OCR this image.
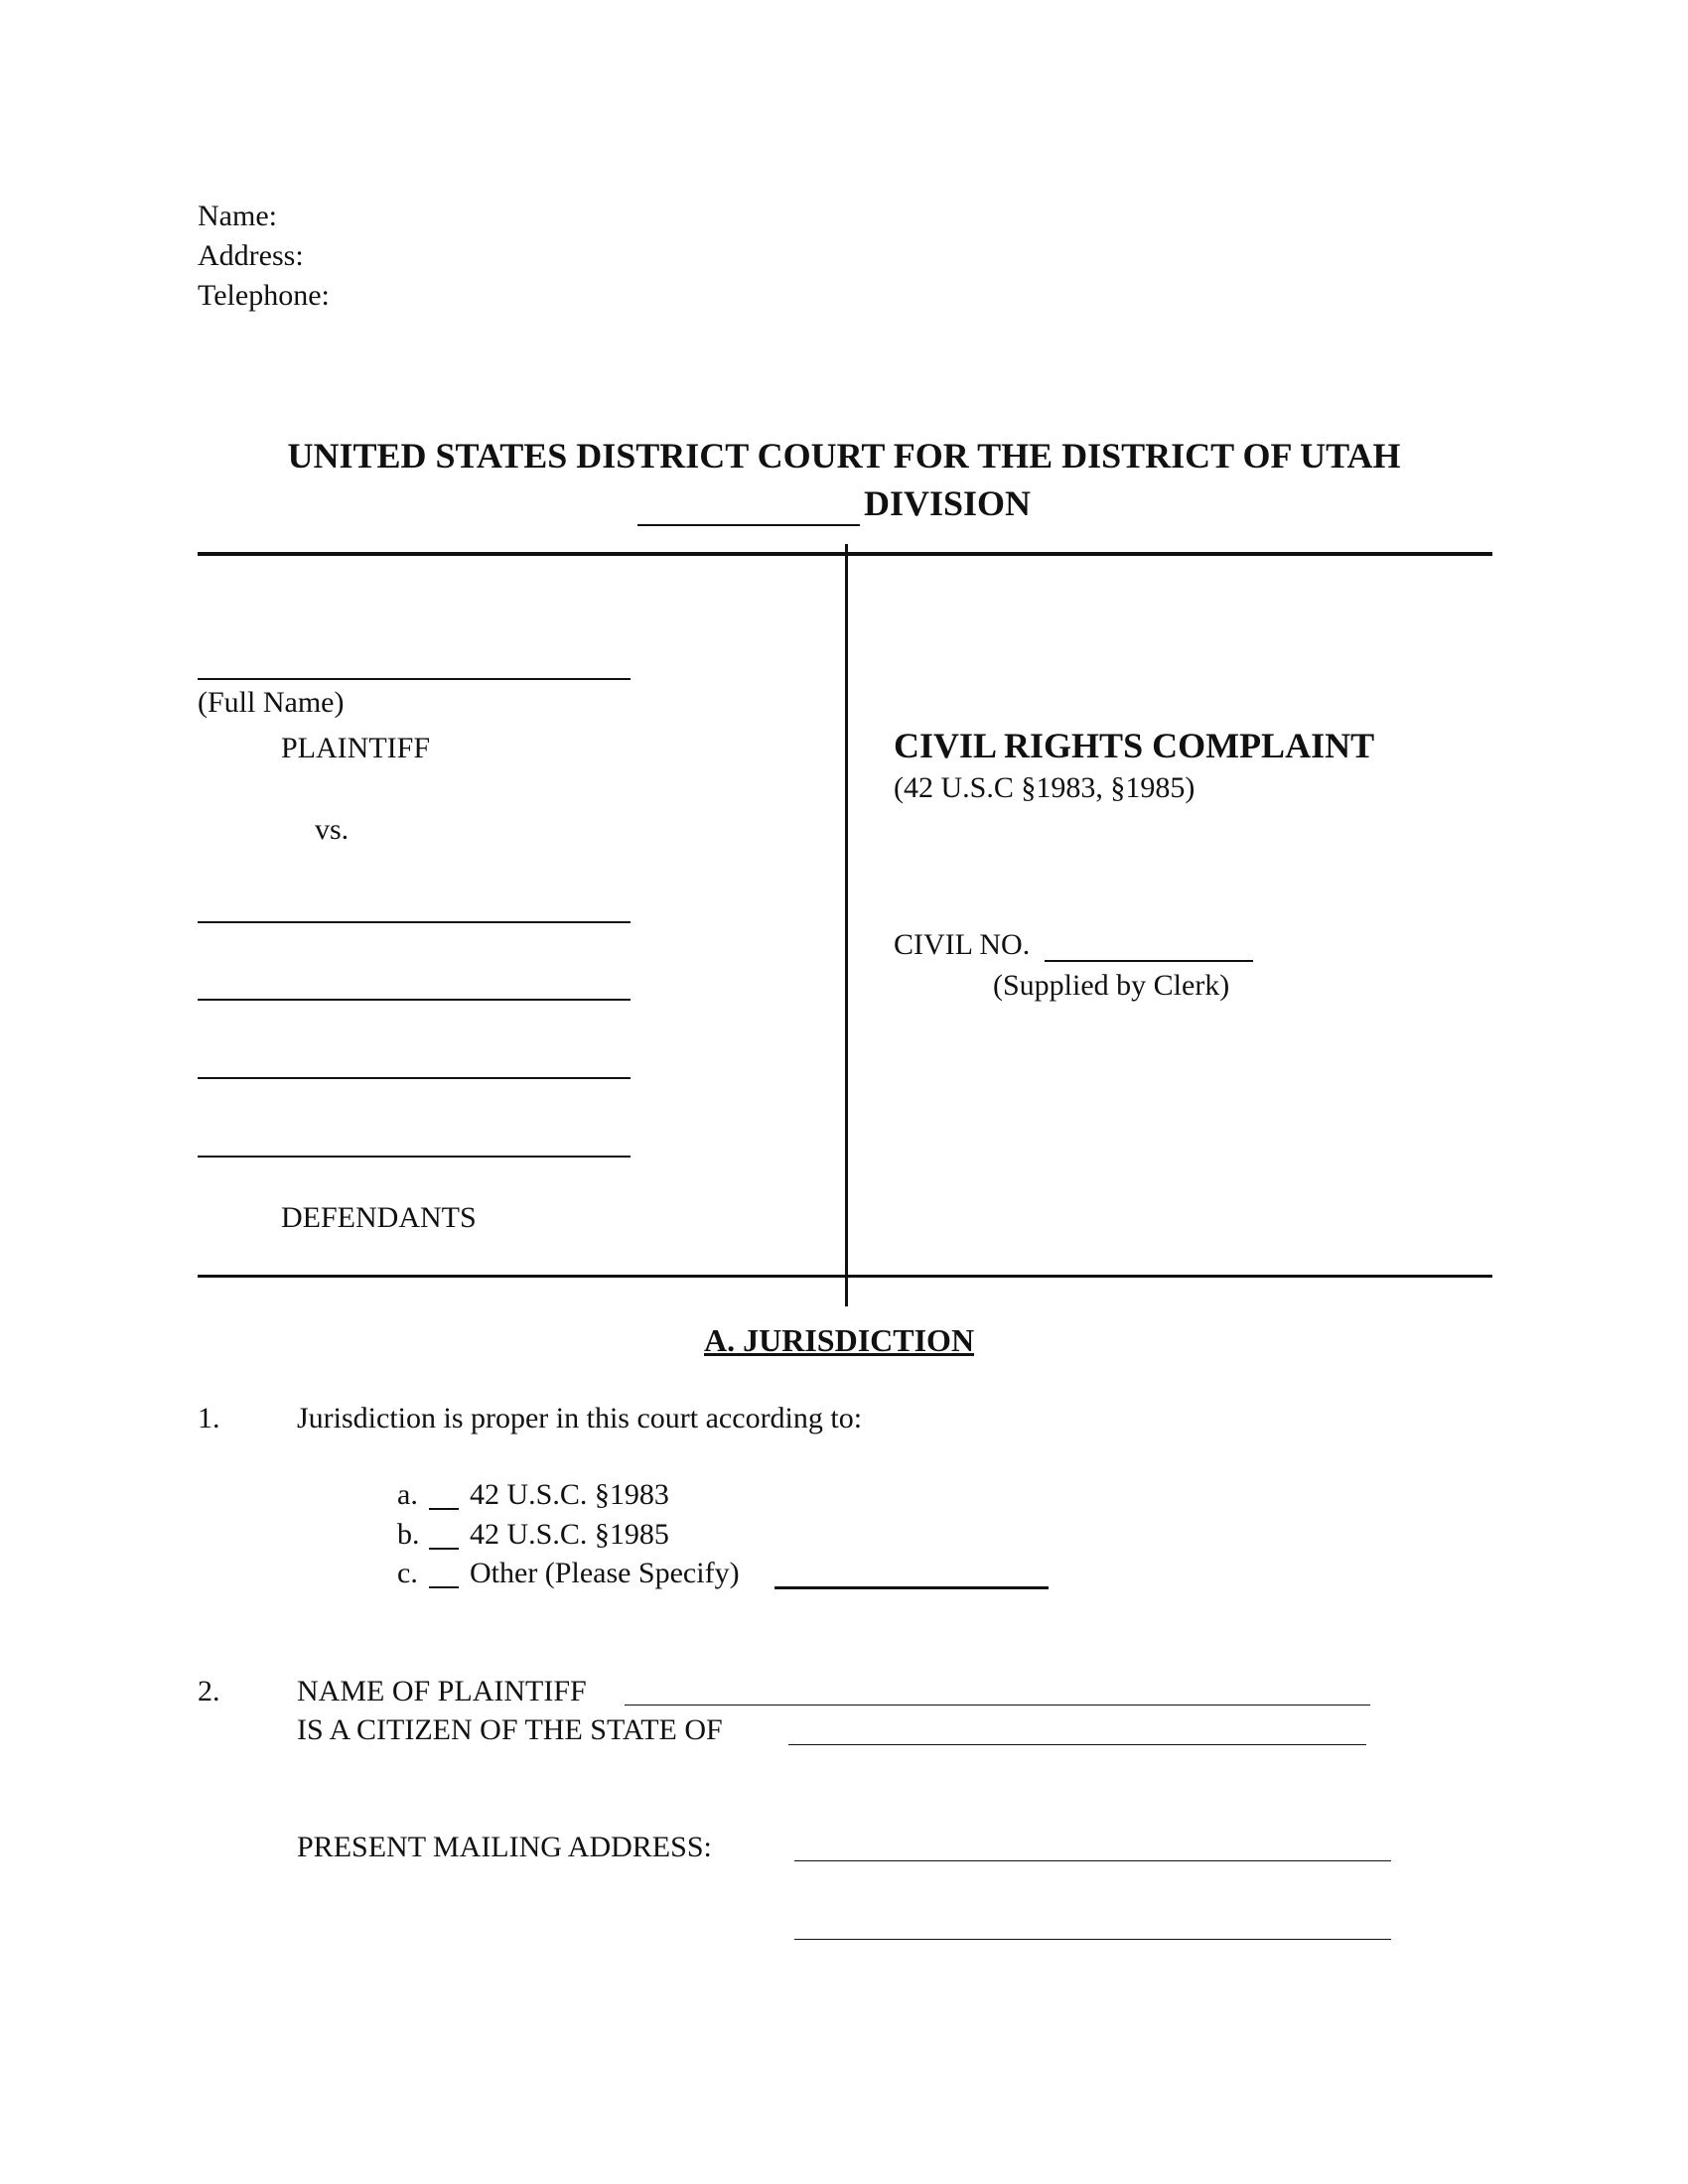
Name:
Address:
Telephone:
UNITED STATES DISTRICT COURT FOR THE DISTRICT OF UTAH
DIVISION
(Full Name)
PLAINTIFF
vs.
DEFENDANTS
CIVIL RIGHTS COMPLAINT
(42 U.S.C §1983, §1985)
CIVIL NO.
(Supplied by Clerk)
A. JURISDICTION
1.	Jurisdiction is proper in this court according to:
a. 42 U.S.C. §1983
b. 42 U.S.C. §1985
c. Other (Please Specify)
2.	NAME OF PLAINTIFF
IS A CITIZEN OF THE STATE OF
PRESENT MAILING ADDRESS:
